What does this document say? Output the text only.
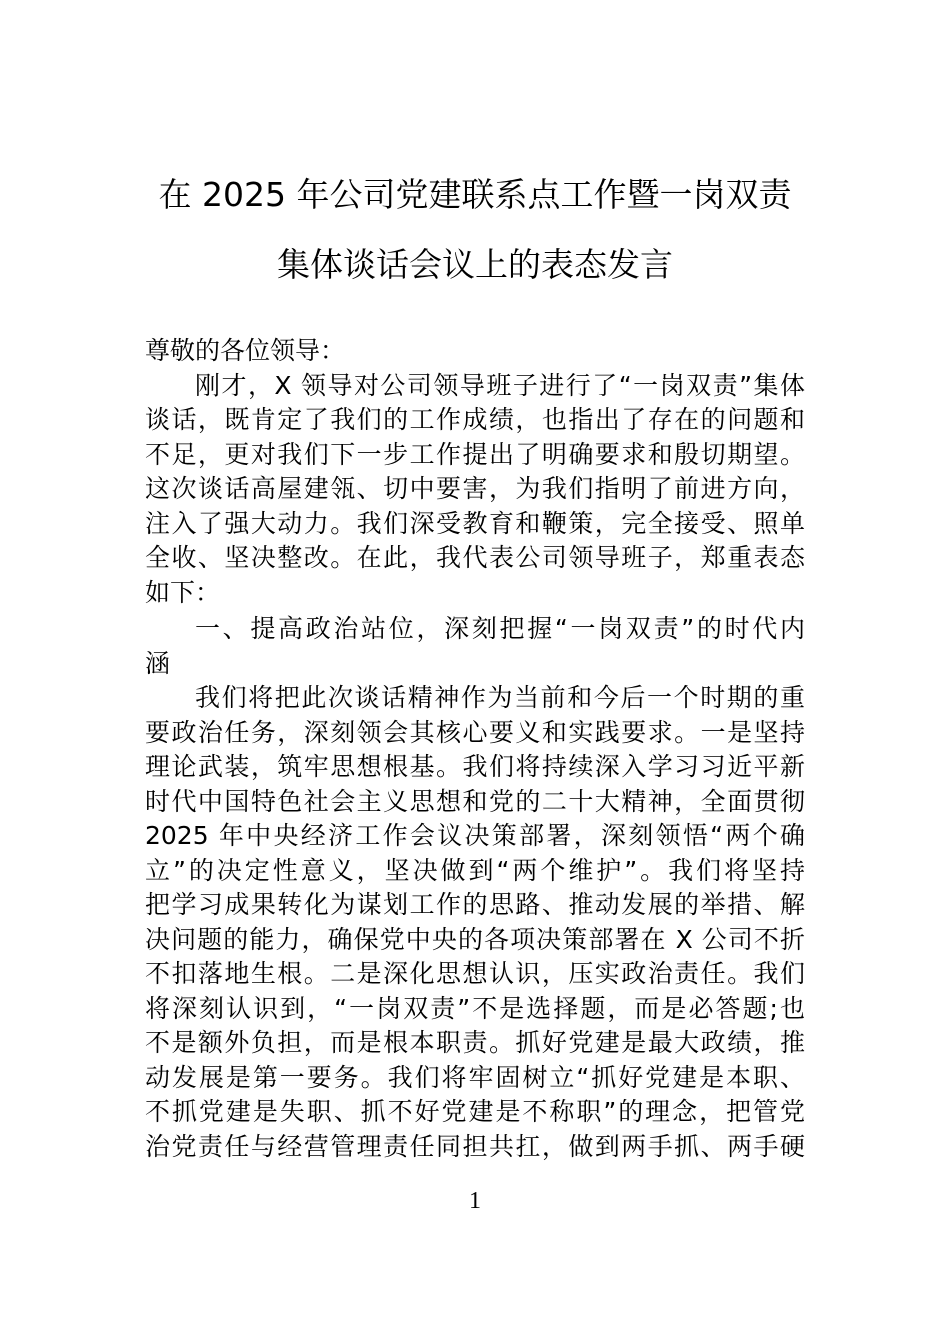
在 2025 年公司党建联系点工作暨一岗双责
集体谈话会议上的表态发言
尊敬的各位领导：
刚才，X 领导对公司领导班子进行了“一岗双责”集体
谈话，既肯定了我们的工作成绩，也指出了存在的问题和
不足，更对我们下一步工作提出了明确要求和殷切期望。
这次谈话高屋建瓴、切中要害，为我们指明了前进方向，
注入了强大动力。我们深受教育和鞭策，完全接受、照单
全收、坚决整改。在此，我代表公司领导班子，郑重表态
如下：
一、提高政治站位，深刻把握“一岗双责”的时代内
涵
我们将把此次谈话精神作为当前和今后一个时期的重
要政治任务，深刻领会其核心要义和实践要求。一是坚持
理论武装，筑牢思想根基。我们将持续深入学习习近平新
时代中国特色社会主义思想和党的二十大精神，全面贯彻
2025 年中央经济工作会议决策部署，深刻领悟“两个确
立”的决定性意义，坚决做到“两个维护”。我们将坚持
把学习成果转化为谋划工作的思路、推动发展的举措、解
决问题的能力，确保党中央的各项决策部署在 X 公司不折
不扣落地生根。二是深化思想认识，压实政治责任。我们
将深刻认识到，“一岗双责”不是选择题，而是必答题;也
不是额外负担，而是根本职责。抓好党建是最大政绩，推
动发展是第一要务。我们将牢固树立“抓好党建是本职、
不抓党建是失职、抓不好党建是不称职”的理念，把管党
治党责任与经营管理责任同担共扛，做到两手抓、两手硬
1
